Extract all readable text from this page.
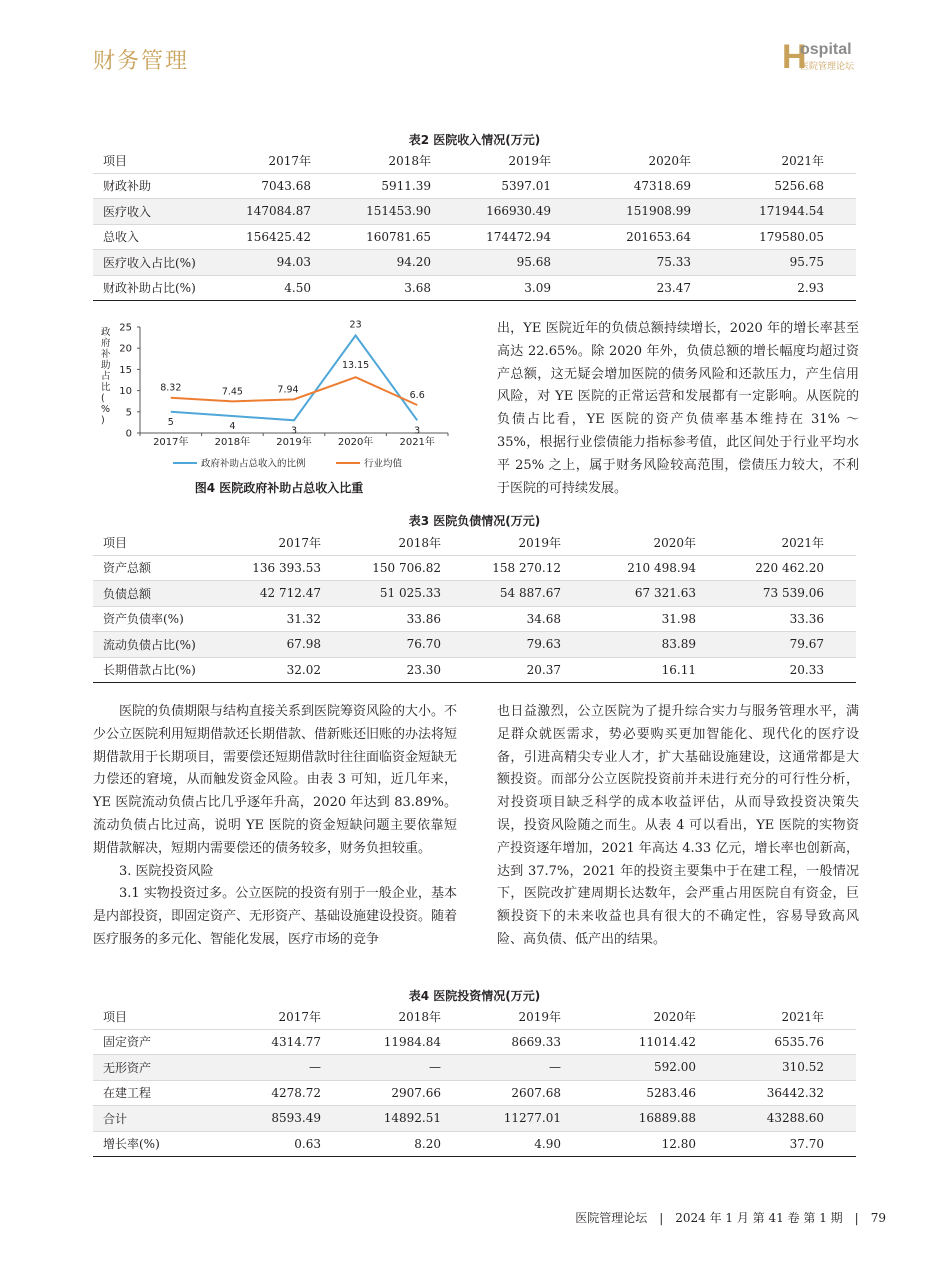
财务管理	H
ospital
医院管理论坛
表2 医院收入情况(万元)
项目	2017年	2018年	2019年	2020年	2021年
财政补助	7043.68	5911.39	5397.01	47318.69	5256.68
医疗收入	147084.87	151453.90	166930.49	151908.99	171944.54
总收入	156425.42	160781.65	174472.94	201653.64	179580.05
医疗收入占比(%)	94.03	94.20	95.68	75.33	95.75
财政补助占比(%)	4.50	3.68	3.09	23.47	2.93
0
5
10
15
20
25
2017年	2018年	2019年	2020年	2021年
政府补助占比( % )	5	4	3
23
3
8.32	7.45	7.94
13.15
6.6
政府补助占总收入的比例	行业均值
图4 医院政府补助占总收入比重

出，YE 医院近年的负债总额持续增长，2020 年的增长率甚至高达 22.65%。除 2020 年外，负债总额的增长幅度均超过资产总额，这无疑会增加医院的债务风险和还款压力，产生信用风险，对 YE 医院的正常运营和发展都有一定影响。从医院的负债占比看，YE 医院的资产负债率基本维持在 31% ～ 35%，根据行业偿债能力指标参考值，此区间处于行业平均水平 25% 之上，属于财务风险较高范围，偿债压力较大，不利于医院的可持续发展。

表3 医院负债情况(万元)
项目	2017年	2018年	2019年	2020年	2021年
资产总额	136 393.53	150 706.82	158 270.12	210 498.94	220 462.20
负债总额	42 712.47	51 025.33	54 887.67	67 321.63	73 539.06
资产负债率(%)	31.32	33.86	34.68	31.98	33.36
流动负债占比(%)	67.98	76.70	79.63	83.89	79.67
长期借款占比(%)	32.02	23.30	20.37	16.11	20.33

医院的负债期限与结构直接关系到医院筹资风险的大小。不少公立医院利用短期借款还长期借款、借新账还旧账的办法将短期借款用于长期项目，需要偿还短期借款时往往面临资金短缺无力偿还的窘境，从而触发资金风险。由表 3 可知，近几年来，YE 医院流动负债占比几乎逐年升高，2020 年达到 83.89%。流动负债占比过高，说明 YE 医院的资金短缺问题主要依靠短期借款解决，短期内需要偿还的债务较多，财务负担较重。

3. 医院投资风险

3.1 实物投资过多。公立医院的投资有别于一般企业，基本是内部投资，即固定资产、无形资产、基础设施建设投资。随着医疗服务的多元化、智能化发展，医疗市场的竞争

也日益激烈，公立医院为了提升综合实力与服务管理水平，满足群众就医需求，势必要购买更加智能化、现代化的医疗设备，引进高精尖专业人才，扩大基础设施建设，这通常都是大额投资。而部分公立医院投资前并未进行充分的可行性分析，对投资项目缺乏科学的成本收益评估，从而导致投资决策失误，投资风险随之而生。从表 4 可以看出，YE 医院的实物资产投资逐年增加，2021 年高达 4.33 亿元，增长率也创新高，达到 37.7%，2021 年的投资主要集中于在建工程，一般情况下，医院改扩建周期长达数年，会严重占用医院自有资金，巨额投资下的未来收益也具有很大的不确定性，容易导致高风险、高负债、低产出的结果。

表4 医院投资情况(万元)
项目	2017年	2018年	2019年	2020年	2021年
固定资产	4314.77	11984.84	8669.33	11014.42	6535.76
无形资产	—	—	—	592.00	310.52
在建工程	4278.72	2907.66	2607.68	5283.46	36442.32
合计	8593.49	14892.51	11277.01	16889.88	43288.60
增长率(%)	0.63	8.20	4.90	12.80	37.70
医院管理论坛 | 2024 年 1 月 第 41 卷 第 1 期 | 79
